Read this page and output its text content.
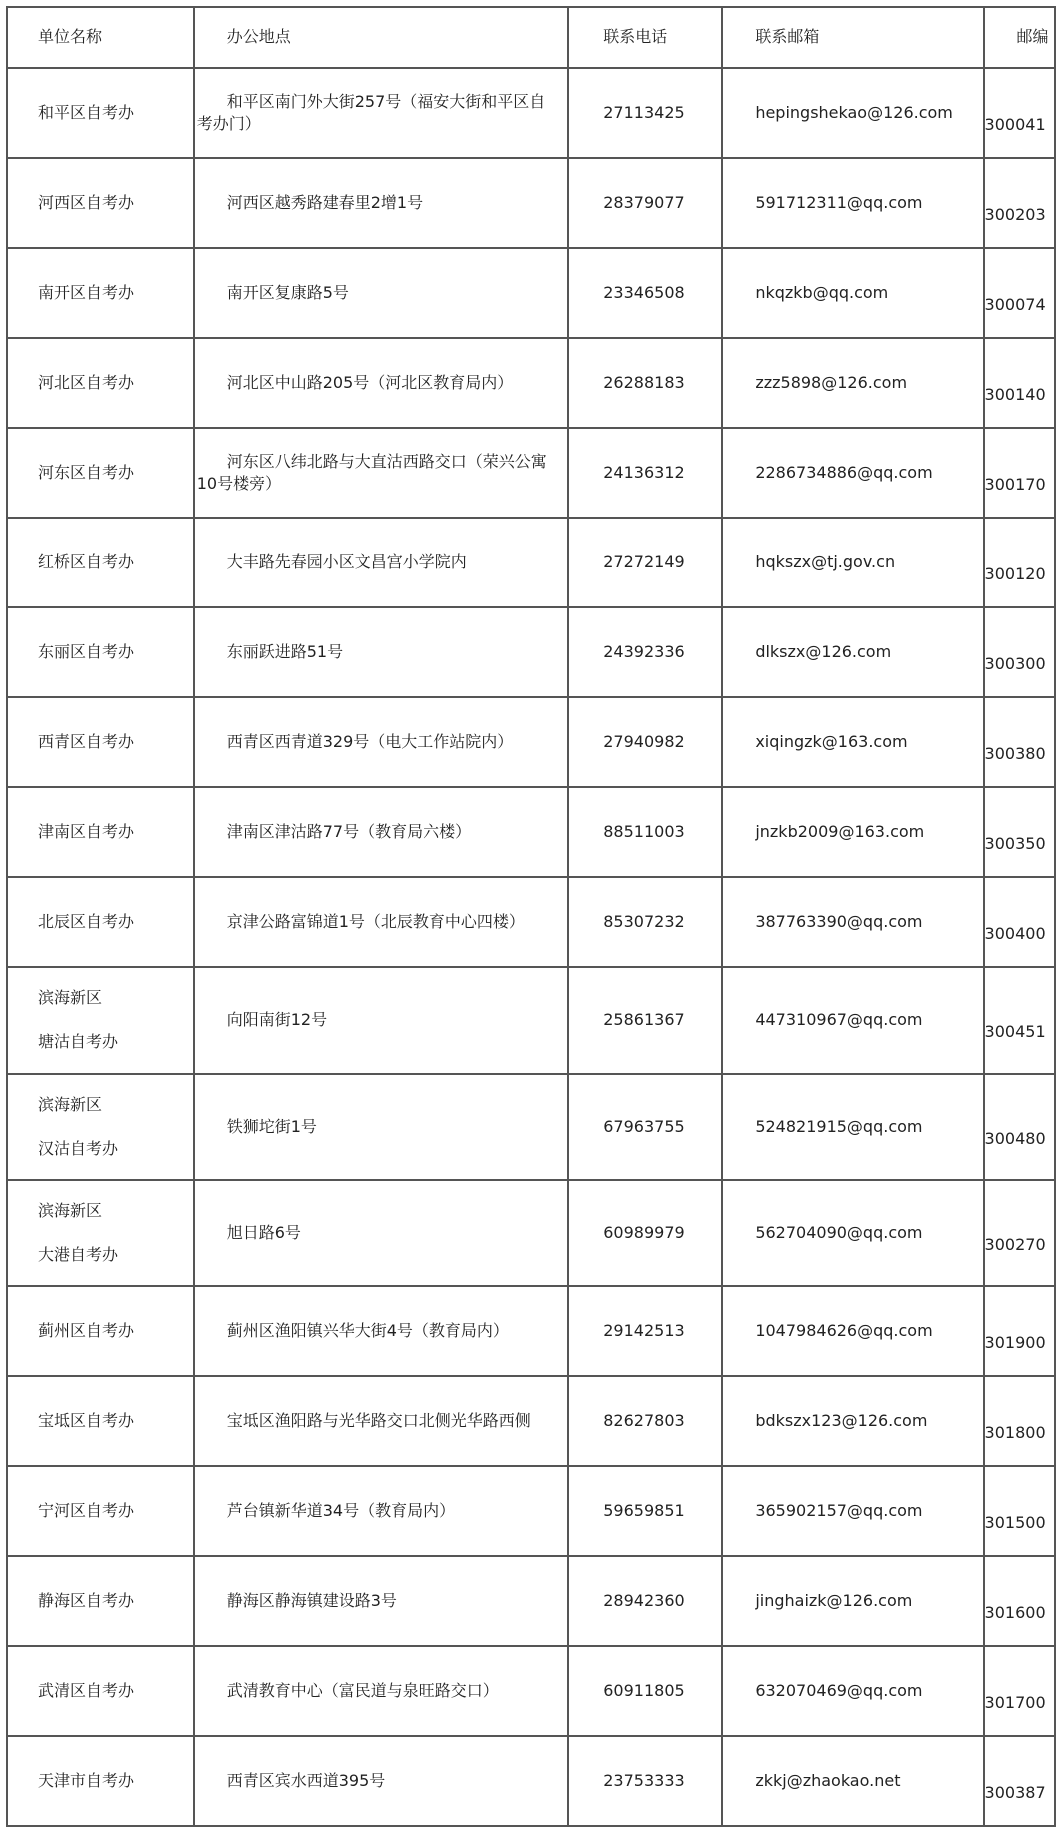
单位名称	办公地点	联系电话	联系邮箱	邮编

和平区自考办	和平区南门外大街257号（福安大街和平区自考办门）	27113425	hepingshekao@126.com	300041

河西区自考办	河西区越秀路建春里2增1号	28379077	591712311@qq.com	300203

南开区自考办	南开区复康路5号	23346508	nkqzkb@qq.com	300074

河北区自考办	河北区中山路205号（河北区教育局内）	26288183	zzz5898@126.com	300140

河东区自考办	河东区八纬北路与大直沽西路交口（荣兴公寓10号楼旁）	24136312	2286734886@qq.com	300170

红桥区自考办	大丰路先春园小区文昌宫小学院内	27272149	hqkszx@tj.gov.cn	300120

东丽区自考办	东丽跃进路51号	24392336	dlkszx@126.com	300300

西青区自考办	西青区西青道329号（电大工作站院内）	27940982	xiqingzk@163.com	300380

津南区自考办	津南区津沽路77号（教育局六楼）	88511003	jnzkb2009@163.com	300350

北辰区自考办	京津公路富锦道1号（北辰教育中心四楼）	85307232	387763390@qq.com	300400

滨海新区
塘沽自考办	向阳南街12号	25861367	447310967@qq.com	300451

滨海新区
汉沽自考办	铁狮坨街1号	67963755	524821915@qq.com	300480

滨海新区
大港自考办	旭日路6号	60989979	562704090@qq.com	300270

蓟州区自考办	蓟州区渔阳镇兴华大街4号（教育局内）	29142513	1047984626@qq.com	301900

宝坻区自考办	宝坻区渔阳路与光华路交口北侧光华路西侧	82627803	bdkszx123@126.com	301800

宁河区自考办	芦台镇新华道34号（教育局内）	59659851	365902157@qq.com	301500

静海区自考办	静海区静海镇建设路3号	28942360	jinghaizk@126.com	301600

武清区自考办	武清教育中心（富民道与泉旺路交口）	60911805	632070469@qq.com	301700

天津市自考办	西青区宾水西道395号	23753333	zkkj@zhaokao.net	300387
